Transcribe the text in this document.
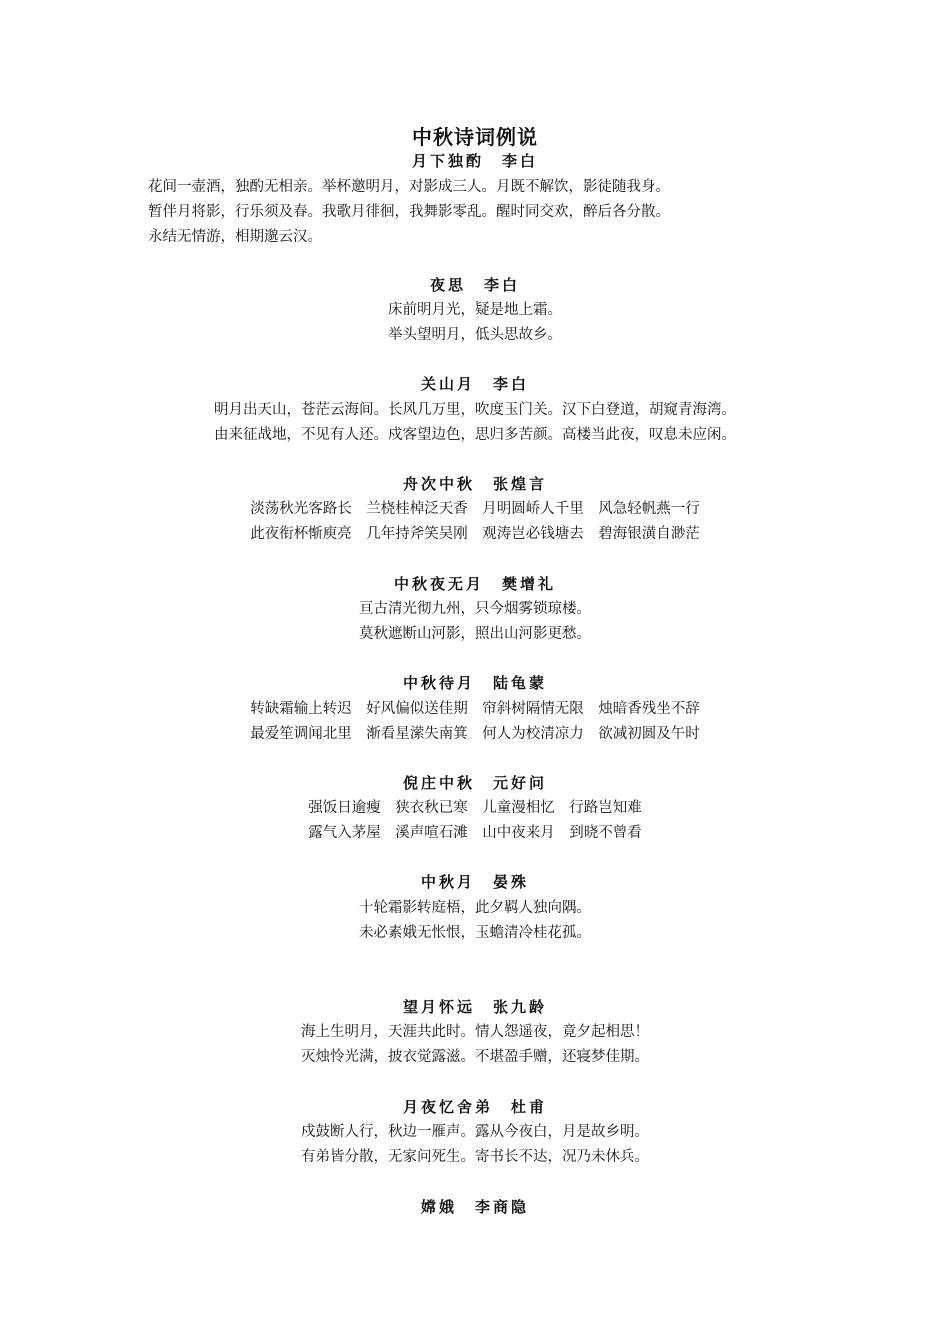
中秋诗词例说
月下独酌　李白
花间一壶酒，独酌无相亲。举杯邀明月，对影成三人。月既不解饮，影徒随我身。
暂伴月将影，行乐须及春。我歌月徘徊，我舞影零乱。醒时同交欢，醉后各分散。
永结无情游，相期邈云汉。
夜思　李白
床前明月光，疑是地上霜。
举头望明月，低头思故乡。
关山月　李白
明月出天山，苍茫云海间。长风几万里，吹度玉门关。汉下白登道，胡窥青海湾。
由来征战地，不见有人还。戍客望边色，思归多苦颜。高楼当此夜，叹息未应闲。
舟次中秋　张煌言
淡荡秋光客路长　兰桡桂棹泛天香　月明圆峤人千里　风急轻帆燕一行
此夜衔杯惭庾亮　几年持斧笑吴刚　观涛岂必钱塘去　碧海银潢自渺茫
中秋夜无月　樊增礼
亘古清光彻九州，只今烟雾锁琼楼。
莫秋遮断山河影，照出山河影更愁。
中秋待月　陆龟蒙
转缺霜输上转迟　好风偏似送佳期　帘斜树隔情无限　烛暗香残坐不辞
最爱笙调闻北里　渐看星潆失南箕　何人为校清凉力　欲减初圆及午时
倪庄中秋　元好问
强饭日逾瘦　狭衣秋已寒　儿童漫相忆　行路岂知难
露气入茅屋　溪声喧石滩　山中夜来月　到晓不曾看
中秋月　晏殊
十轮霜影转庭梧，此夕羁人独向隅。
未必素娥无怅恨，玉蟾清冷桂花孤。
望月怀远　张九龄
海上生明月，天涯共此时。情人怨遥夜，竟夕起相思！
灭烛怜光满，披衣觉露滋。不堪盈手赠，还寝梦佳期。
月夜忆舍弟　杜甫
戍鼓断人行，秋边一雁声。露从今夜白，月是故乡明。
有弟皆分散，无家问死生。寄书长不达，况乃未休兵。
嫦娥　李商隐
